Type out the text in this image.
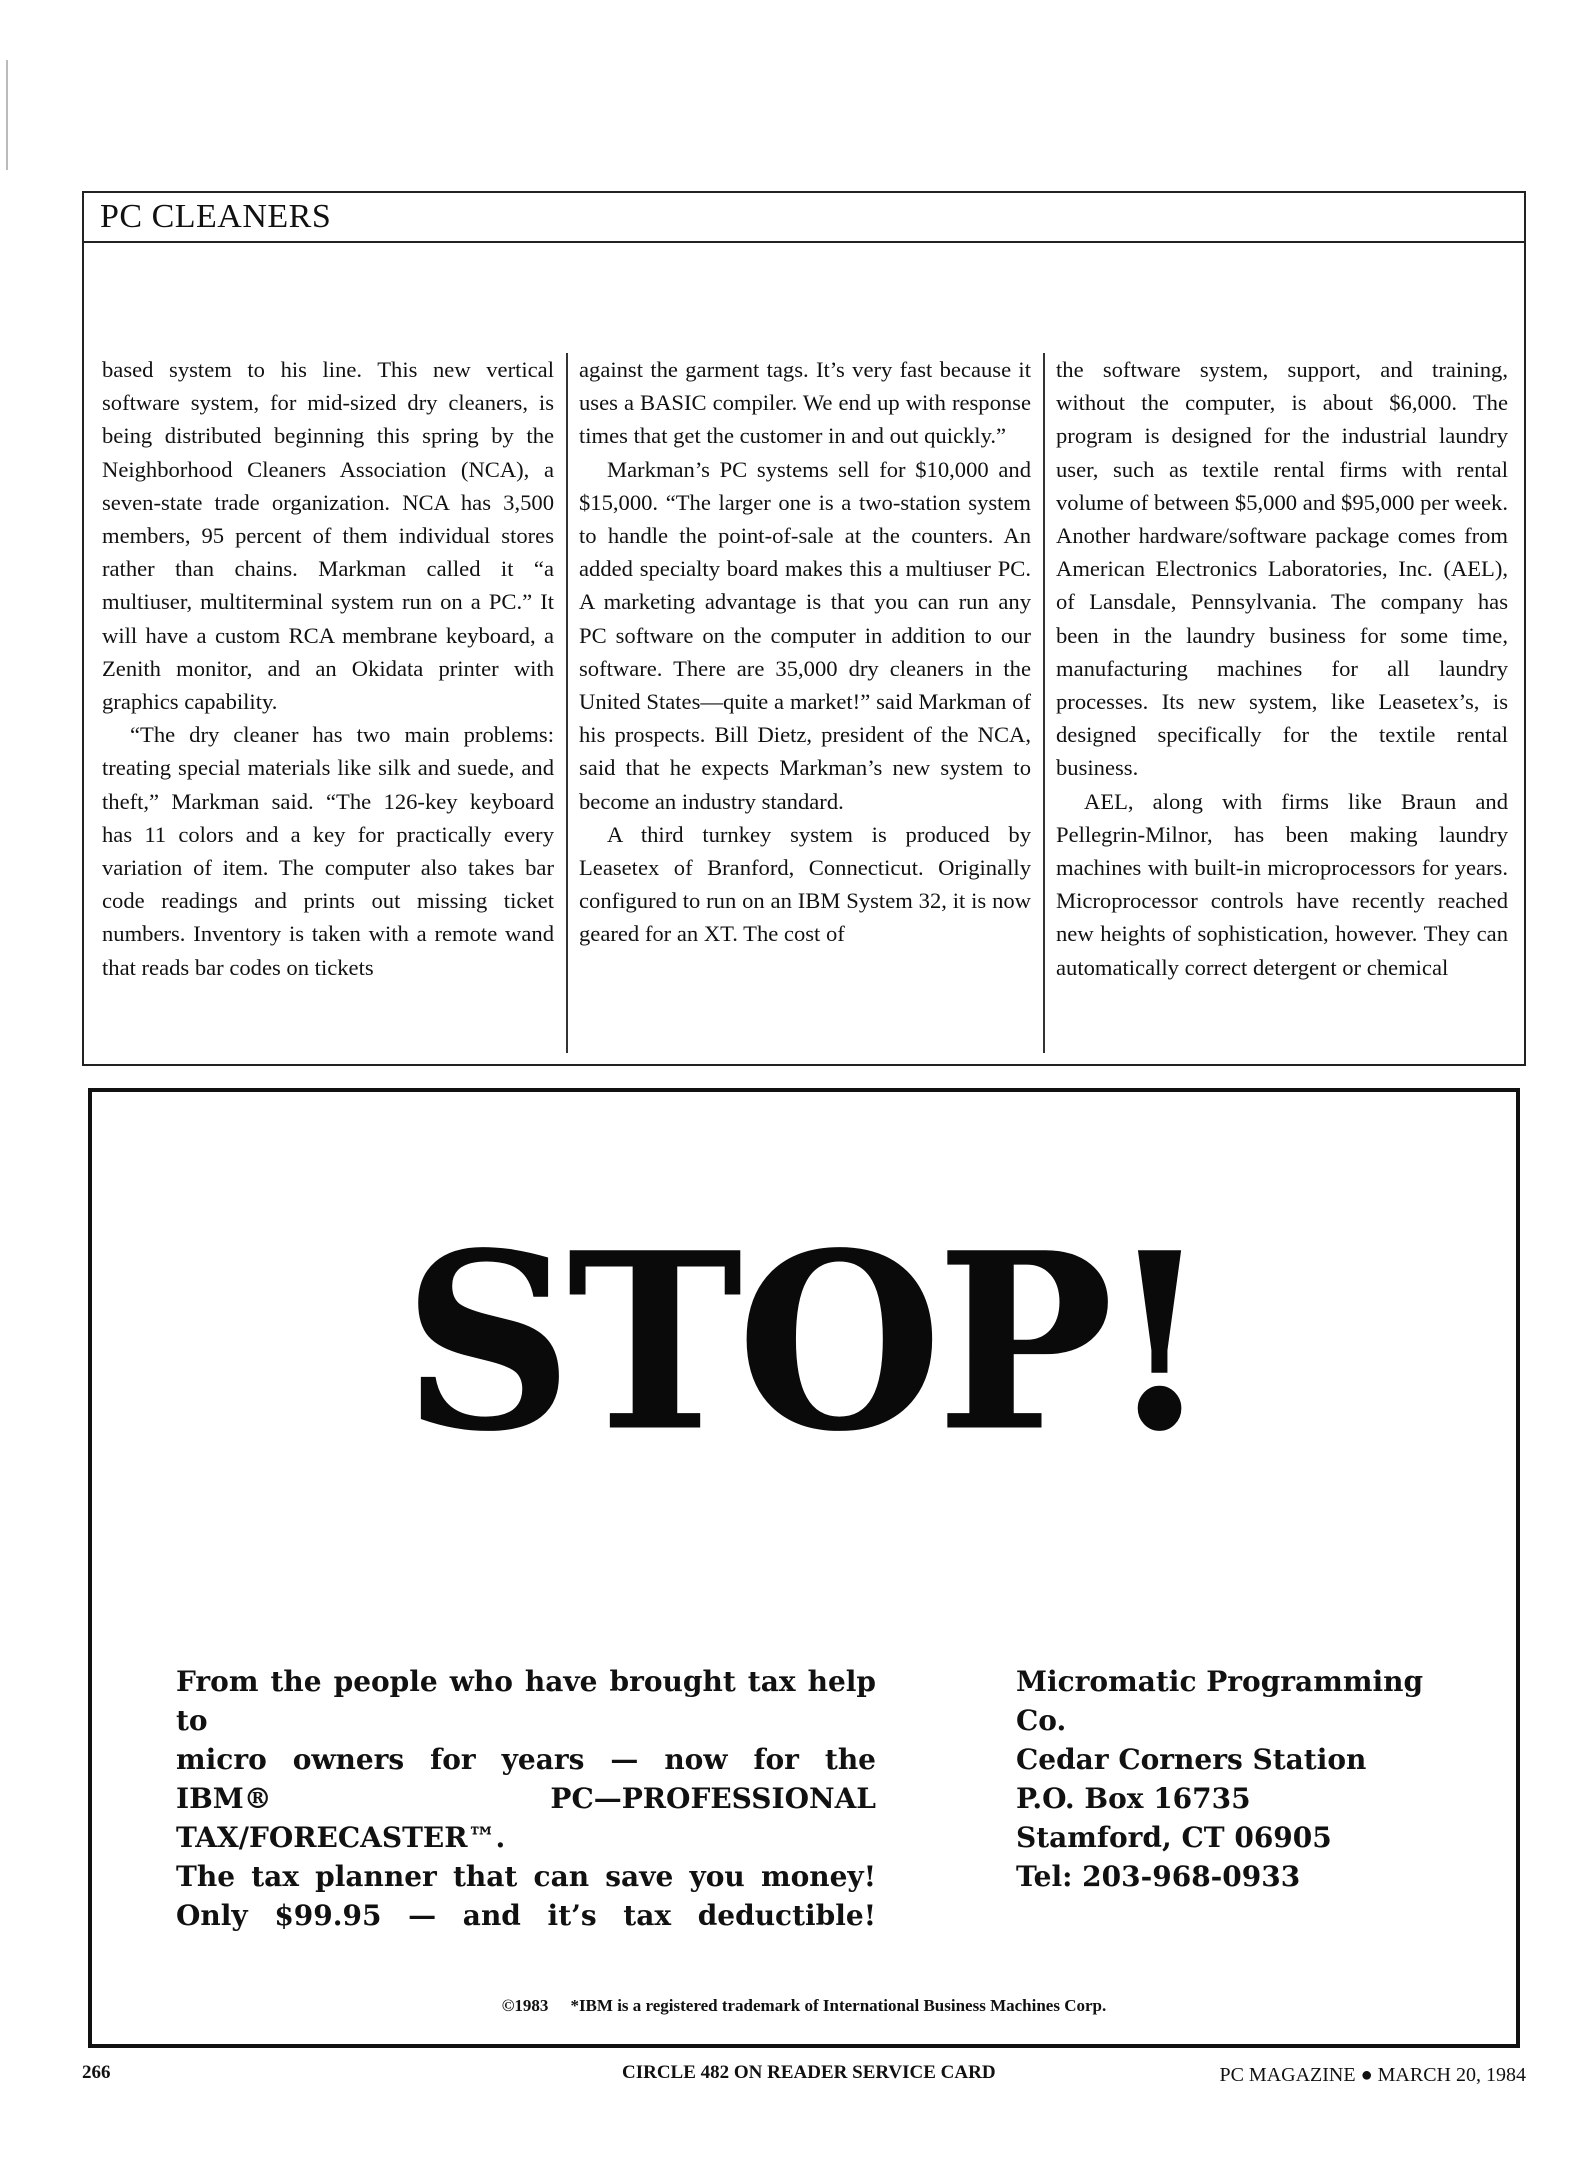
PC CLEANERS

based system to his line. This new vertical software system, for mid-sized dry cleaners, is being distributed beginning this spring by the Neighborhood Cleaners Association (NCA), a seven-state trade organization. NCA has 3,500 members, 95 percent of them individual stores rather than chains. Markman called it “a multiuser, multiterminal system run on a PC.” It will have a custom RCA membrane keyboard, a Zenith monitor, and an Okidata printer with graphics capability.

“The dry cleaner has two main problems: treating special materials like silk and suede, and theft,” Markman said. “The 126-key keyboard has 11 colors and a key for practically every variation of item. The computer also takes bar code readings and prints out missing ticket numbers. Inventory is taken with a remote wand that reads bar codes on tickets

against the garment tags. It’s very fast because it uses a BASIC compiler. We end up with response times that get the customer in and out quickly.”

Markman’s PC systems sell for $10,000 and $15,000. “The larger one is a two-station system to handle the point-of-sale at the counters. An added specialty board makes this a multiuser PC. A marketing advantage is that you can run any PC software on the computer in addition to our software. There are 35,000 dry cleaners in the United States—quite a market!” said Markman of his prospects. Bill Dietz, president of the NCA, said that he expects Markman’s new system to become an industry standard.

A third turnkey system is produced by Leasetex of Branford, Connecticut. Originally configured to run on an IBM System 32, it is now geared for an XT. The cost of

the software system, support, and training, without the computer, is about $6,000. The program is designed for the industrial laundry user, such as textile rental firms with rental volume of between $5,000 and $95,000 per week. Another hardware/software package comes from American Electronics Laboratories, Inc. (AEL), of Lansdale, Pennsylvania. The company has been in the laundry business for some time, manufacturing machines for all laundry processes. Its new system, like Leasetex’s, is designed specifically for the textile rental business.

AEL, along with firms like Braun and Pellegrin-Milnor, has been making laundry machines with built-in microprocessors for years. Microprocessor controls have recently reached new heights of sophistication, however. They can automatically correct detergent or chemical

STOP!
From the people who have brought tax help to
micro owners for years — now for the
IBM® PC—PROFESSIONAL TAX/FORECASTER™.
The tax planner that can save you money!
Only $99.95 — and it’s tax deductible!
Micromatic Programming Co.
Cedar Corners Station
P.O. Box 16735
Stamford, CT 06905
Tel: 203-968-0933
©1983 *IBM is a registered trademark of International Business Machines Corp.
266	CIRCLE 482 ON READER SERVICE CARD	PC MAGAZINE ● MARCH 20, 1984
